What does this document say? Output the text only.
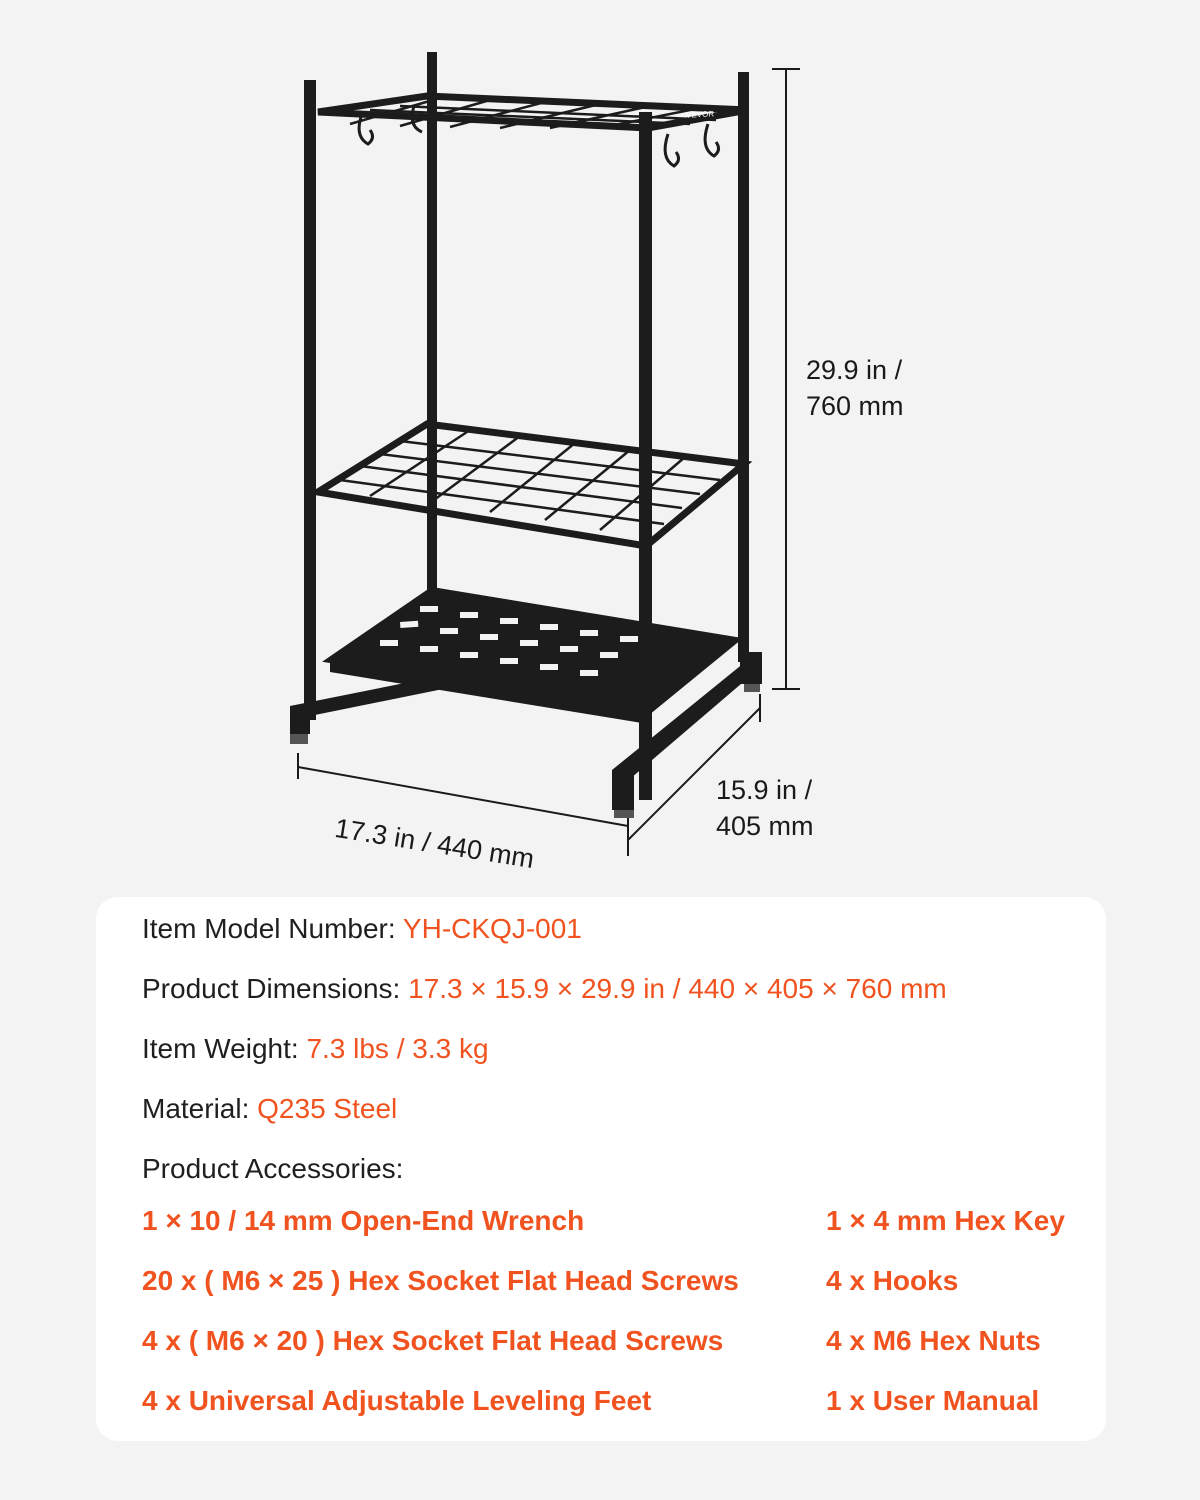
29.9 in /
760 mm
15.9 in /
405 mm
17.3 in / 440 mm
Item Model Number: YH-CKQJ-001
Product Dimensions: 17.3 × 15.9 × 29.9 in / 440 × 405 × 760 mm
Item Weight: 7.3 lbs / 3.3 kg
Material: Q235 Steel
Product Accessories:
1 × 10 / 14 mm Open-End Wrench
20 x ( M6 × 25 ) Hex Socket Flat Head Screws
4 x ( M6 × 20 ) Hex Socket Flat Head Screws
4 x Universal Adjustable Leveling Feet
1 × 4 mm Hex Key
4 x Hooks
4 x M6 Hex Nuts
1 x User Manual
VEVOR
